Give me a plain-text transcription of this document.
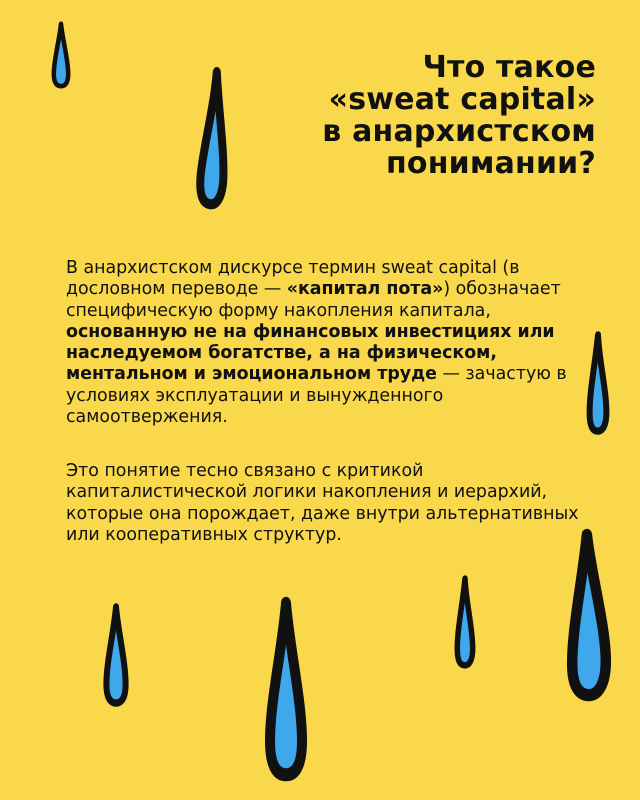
Что такое
«sweat capital»
в анархистском
понимании?

В анархистском дискурсе термин sweat capital (в дословном переводе — «капитал пота») обозначает специфическую форму накопления капитала, основанную не на финансовых инвестициях или наследуемом богатстве, а на физическом, ментальном и эмоциональном труде — зачастую в условиях эксплуатации и вынужденного самоотвержения.

Это понятие тесно связано с критикой капиталистической логики накопления и иерархий, которые она порождает, даже внутри альтернативных или кооперативных структур.
